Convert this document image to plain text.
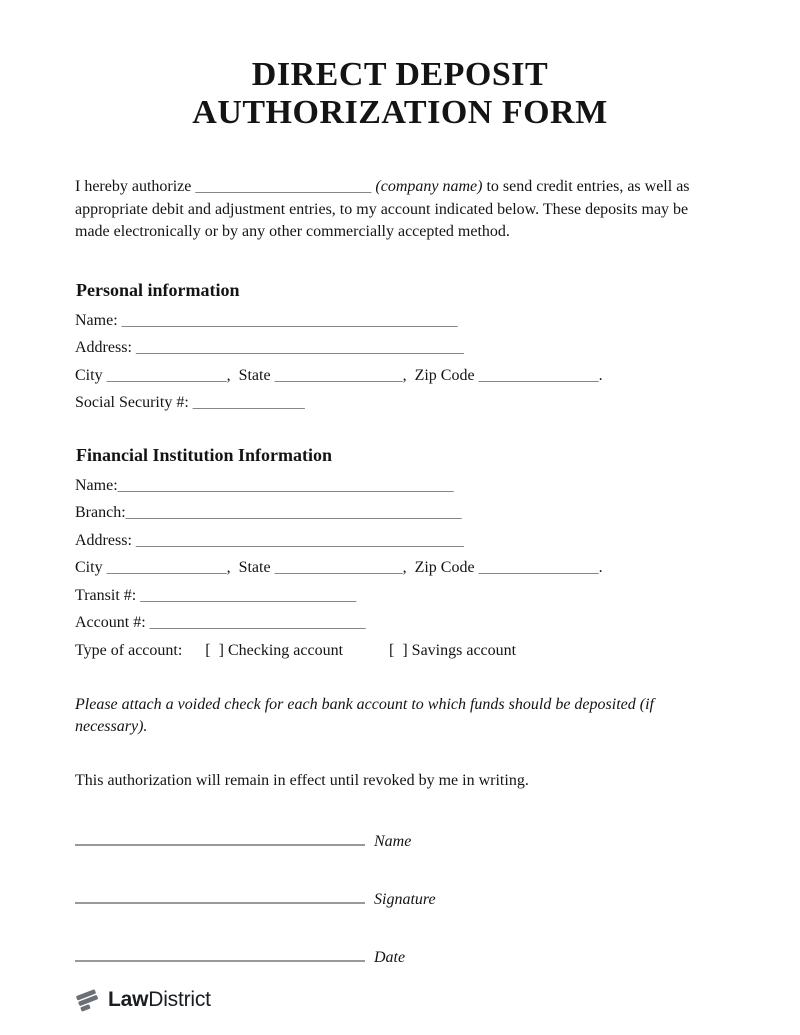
DIRECT DEPOSIT
AUTHORIZATION FORM

I hereby authorize ______________________ (company name) to send credit entries, as well as appropriate debit and adjustment entries, to my account indicated below. These deposits may be made electronically or by any other commercially accepted method.

Personal information
Name: __________________________________________
Address: _________________________________________
City _______________,  State ________________,  Zip Code _______________.
Social Security #: ______________
Financial Institution Information
Name:__________________________________________
Branch:__________________________________________
Address: _________________________________________
City _______________,  State ________________,  Zip Code _______________.
Transit #: ___________________________
Account #: ___________________________
Type of account: [  ] Checking account	[  ] Savings account

Please attach a voided check for each bank account to which funds should be deposited (if necessary).

This authorization will remain in effect until revoked by me in writing.

Name
Signature
Date
LawDistrict
